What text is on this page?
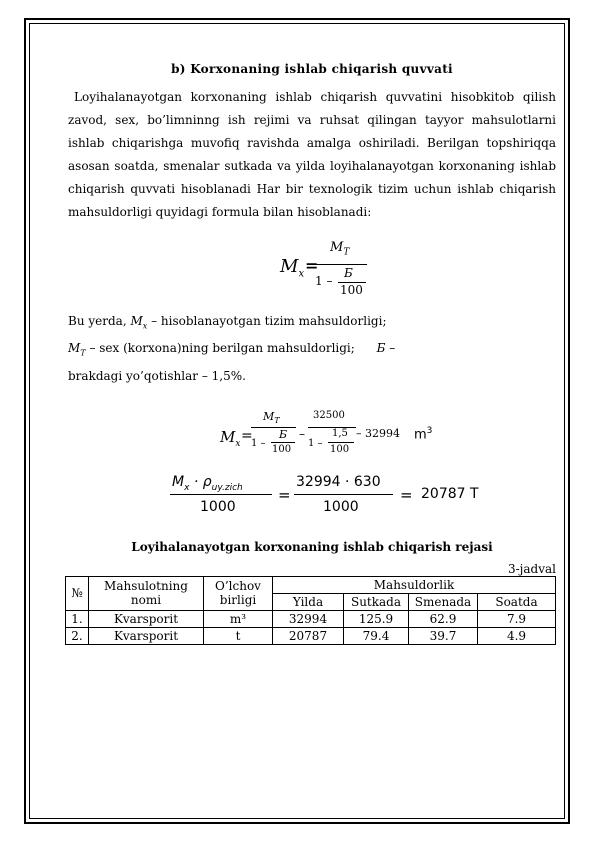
b) Korxonaning ishlab chiqarish quvvati

Loyihalanayotgan korxonaning ishlab chiqarish quvvatini hisobkitob qilish zavod, sex, bo’limninng ish rejimi va ruhsat qilingan tayyor mahsulotlarni ishlab chiqarishga muvofiq ravishda amalga oshiriladi. Berilgan topshiriqqa asosan soatda, smenalar sutkada va yilda loyihalanayotgan korxonaning ishlab chiqarish quvvati hisoblanadi Har bir texnologik tizim uchun ishlab chiqarish mahsuldorligi quyidagi formula bilan hisoblanadi:

$M_x$ =
$M_T$
1 –
Б
100

Bu yerda, $M_x$ – hisoblanayotgan tizim mahsuldorligi;

$M_T$ – sex (korxona)ning berilgan mahsuldorligi; Б –

brakdagi yo’qotishlar – 1,5%.

$M_x$ =
$M_T$
1 –
Б
100
–
32500
1 –
1,5
100
– 32994 $m^3$
$M_x \cdot \rho_{uy.zich}$
1000
=
32994 · 630
1000
= 20787 T

Loyihalanayotgan korxonaning ishlab chiqarish rejasi

3-jadval
№	Mahsulotning nomi	O’lchov birligi	Mahsuldorlik			
			Yilda	Sutkada	Smenada	Soatda
1.	Kvarsporit	m³	32994	125.9	62.9	7.9
2.	Kvarsporit	t	20787	79.4	39.7	4.9
